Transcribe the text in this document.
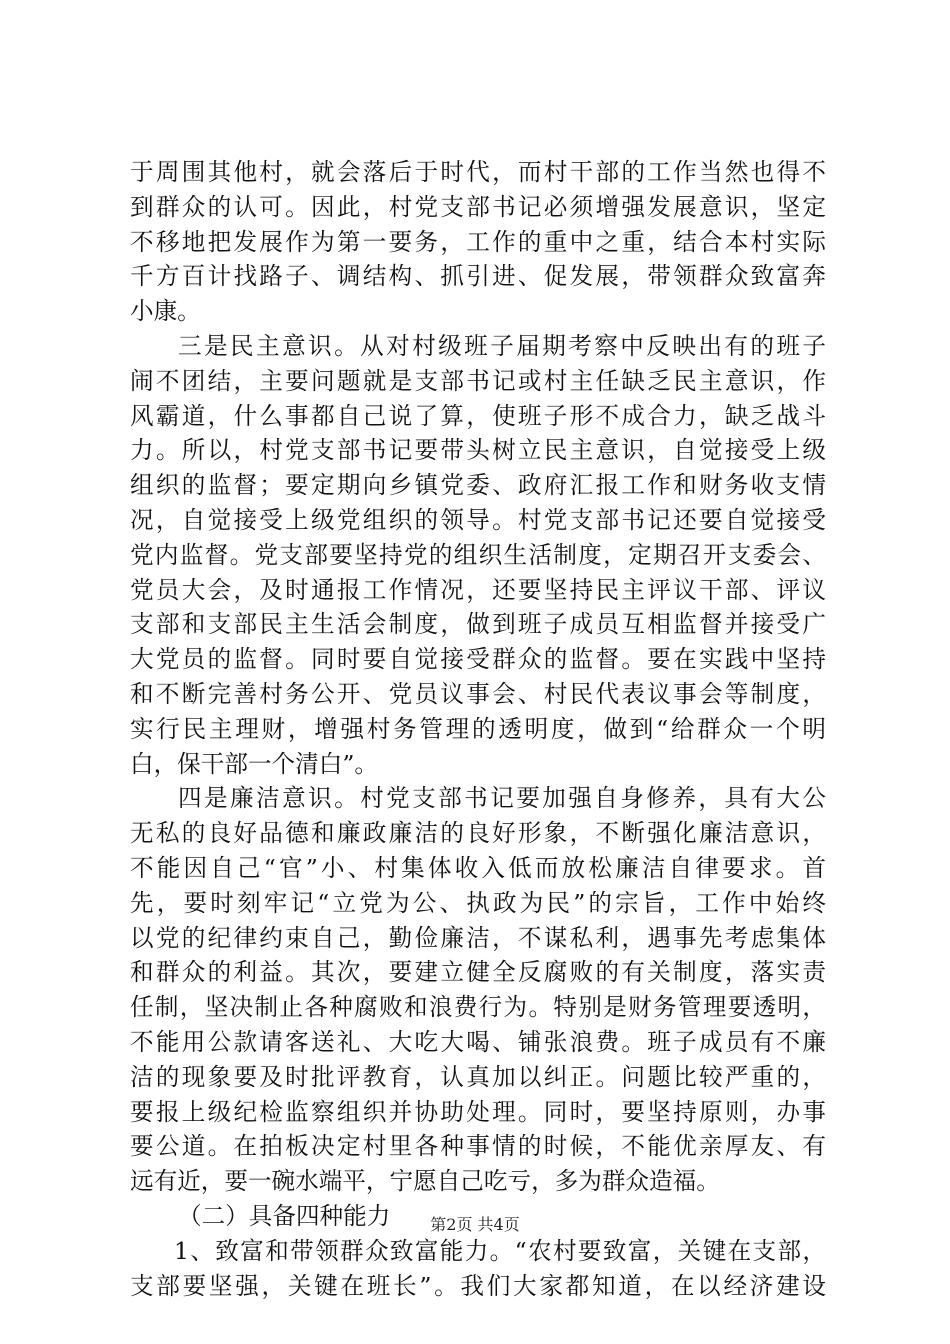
于周围其他村，就会落后于时代，而村干部的工作当然也得不
到群众的认可。因此，村党支部书记必须增强发展意识，坚定
不移地把发展作为第一要务，工作的重中之重，结合本村实际
千方百计找路子、调结构、抓引进、促发展，带领群众致富奔
小康。
三是民主意识。从对村级班子届期考察中反映出有的班子
闹不团结，主要问题就是支部书记或村主任缺乏民主意识，作
风霸道，什么事都自己说了算，使班子形不成合力，缺乏战斗
力。所以，村党支部书记要带头树立民主意识，自觉接受上级
组织的监督；要定期向乡镇党委、政府汇报工作和财务收支情
况，自觉接受上级党组织的领导。村党支部书记还要自觉接受
党内监督。党支部要坚持党的组织生活制度，定期召开支委会、
党员大会，及时通报工作情况，还要坚持民主评议干部、评议
支部和支部民主生活会制度，做到班子成员互相监督并接受广
大党员的监督。同时要自觉接受群众的监督。要在实践中坚持
和不断完善村务公开、党员议事会、村民代表议事会等制度，
实行民主理财，增强村务管理的透明度，做到“给群众一个明
白，保干部一个清白”。
四是廉洁意识。村党支部书记要加强自身修养，具有大公
无私的良好品德和廉政廉洁的良好形象，不断强化廉洁意识，
不能因自己“官”小、村集体收入低而放松廉洁自律要求。首
先，要时刻牢记“立党为公、执政为民”的宗旨，工作中始终
以党的纪律约束自己，勤俭廉洁，不谋私利，遇事先考虑集体
和群众的利益。其次，要建立健全反腐败的有关制度，落实责
任制，坚决制止各种腐败和浪费行为。特别是财务管理要透明，
不能用公款请客送礼、大吃大喝、铺张浪费。班子成员有不廉
洁的现象要及时批评教育，认真加以纠正。问题比较严重的，
要报上级纪检监察组织并协助处理。同时，要坚持原则，办事
要公道。在拍板决定村里各种事情的时候，不能优亲厚友、有
远有近，要一碗水端平，宁愿自己吃亏，多为群众造福。
（二）具备四种能力
1、致富和带领群众致富能力。“农村要致富，关键在支部，
支部要坚强，关键在班长”。我们大家都知道，在以经济建设
第2页 共4页
